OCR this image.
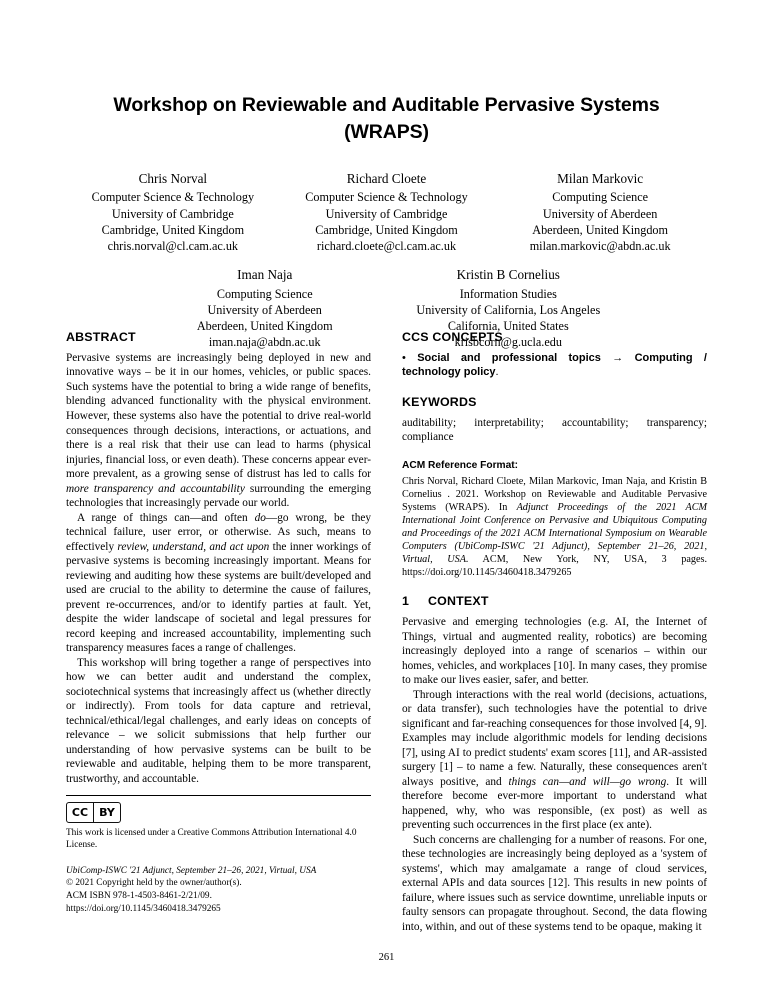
Workshop on Reviewable and Auditable Pervasive Systems (WRAPS)
Chris Norval
Computer Science & Technology
University of Cambridge
Cambridge, United Kingdom
chris.norval@cl.cam.ac.uk
Richard Cloete
Computer Science & Technology
University of Cambridge
Cambridge, United Kingdom
richard.cloete@cl.cam.ac.uk
Milan Markovic
Computing Science
University of Aberdeen
Aberdeen, United Kingdom
milan.markovic@abdn.ac.uk
Iman Naja
Computing Science
University of Aberdeen
Aberdeen, United Kingdom
iman.naja@abdn.ac.uk
Kristin B Cornelius
Information Studies
University of California, Los Angeles
California, United States
krisbcorn@g.ucla.edu
ABSTRACT

Pervasive systems are increasingly being deployed in new and innovative ways – be it in our homes, vehicles, or public spaces. Such systems have the potential to bring a wide range of benefits, blending advanced functionality with the physical environment. However, these systems also have the potential to drive real-world consequences through decisions, interactions, or actuations, and there is a real risk that their use can lead to harms (physical injuries, financial loss, or even death). These concerns appear ever-more prevalent, as a growing sense of distrust has led to calls for more transparency and accountability surrounding the emerging technologies that increasingly pervade our world.

A range of things can—and often do—go wrong, be they technical failure, user error, or otherwise. As such, means to effectively review, understand, and act upon the inner workings of pervasive systems is becoming increasingly important. Means for reviewing and auditing how these systems are built/developed and used are crucial to the ability to determine the cause of failures, prevent re-occurrences, and/or to identify parties at fault. Yet, despite the wider landscape of societal and legal pressures for record keeping and increased accountability, implementing such transparency measures faces a range of challenges.

This workshop will bring together a range of perspectives into how we can better audit and understand the complex, sociotechnical systems that increasingly affect us (whether directly or indirectly). From tools for data capture and retrieval, technical/ethical/legal challenges, and early ideas on concepts of relevance – we solicit submissions that help further our understanding of how pervasive systems can be built to be reviewable and auditable, helping them to be more transparent, trustworthy, and accountable.

CCS CONCEPTS

• Social and professional topics → Computing / technology policy.

KEYWORDS

auditability; interpretability; accountability; transparency; compliance

ACM Reference Format:

Chris Norval, Richard Cloete, Milan Markovic, Iman Naja, and Kristin B Cornelius . 2021. Workshop on Reviewable and Auditable Pervasive Systems (WRAPS). In Adjunct Proceedings of the 2021 ACM International Joint Conference on Pervasive and Ubiquitous Computing and Proceedings of the 2021 ACM International Symposium on Wearable Computers (UbiComp-ISWC '21 Adjunct), September 21–26, 2021, Virtual, USA. ACM, New York, NY, USA, 3 pages. https://doi.org/10.1145/3460418.3479265

1	CONTEXT

Pervasive and emerging technologies (e.g. AI, the Internet of Things, virtual and augmented reality, robotics) are becoming increasingly deployed into a range of scenarios – within our homes, vehicles, and workplaces [10]. In many cases, they promise to make our lives easier, safer, and better.

Through interactions with the real world (decisions, actuations, or data transfer), such technologies have the potential to drive significant and far-reaching consequences for those involved [4, 9]. Examples may include algorithmic models for lending decisions [7], using AI to predict students' exam scores [11], and AR-assisted surgery [1] – to name a few. Naturally, these consequences aren't always positive, and things can—and will—go wrong. It will therefore become ever-more important to understand what happened, why, who was responsible, (ex post) as well as preventing such occurrences in the first place (ex ante).

Such concerns are challenging for a number of reasons. For one, these technologies are increasingly being deployed as a 'system of systems', which may amalgamate a range of cloud services, external APIs and data sources [12]. This results in new points of failure, where issues such as service downtime, unreliable inputs or faulty sensors can propagate throughout. Second, the data flowing into, within, and out of these systems tend to be opaque, making it

CC BY
This work is licensed under a Creative Commons Attribution International 4.0 License.
UbiComp-ISWC '21 Adjunct, September 21–26, 2021, Virtual, USA
© 2021 Copyright held by the owner/author(s).
ACM ISBN 978-1-4503-8461-2/21/09.
https://doi.org/10.1145/3460418.3479265
261
